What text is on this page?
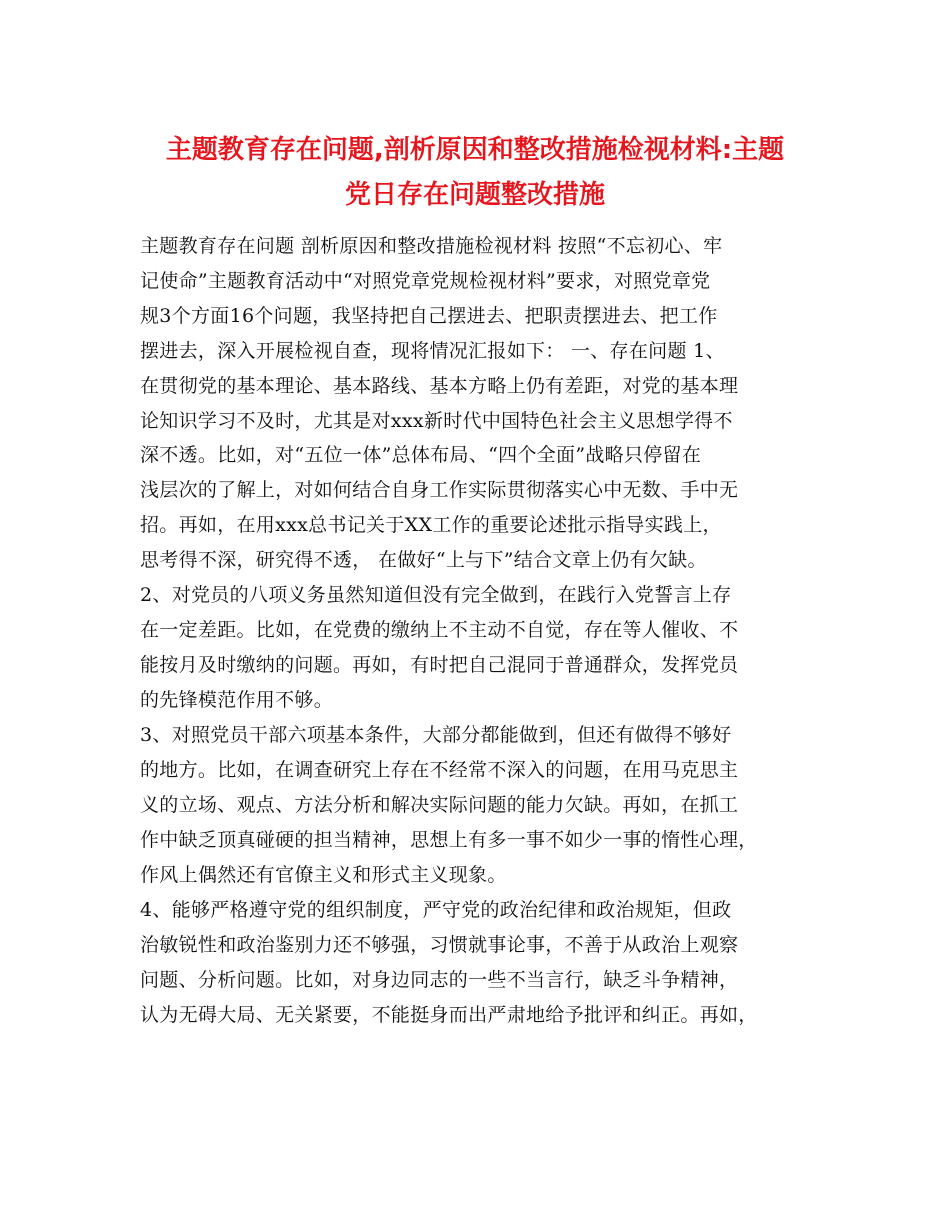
主题教育存在问题,剖析原因和整改措施检视材料:主题
党日存在问题整改措施

主题教育存在问题 剖析原因和整改措施检视材料 按照“不忘初心、牢

记使命”主题教育活动中“对照党章党规检视材料”要求，对照党章党

规3个方面16个问题，我坚持把自己摆进去、把职责摆进去、把工作

摆进去，深入开展检视自查，现将情况汇报如下： 一、存在问题 1、

在贯彻党的基本理论、基本路线、基本方略上仍有差距，对党的基本理

论知识学习不及时，尤其是对xxx新时代中国特色社会主义思想学得不

深不透。比如，对“五位一体”总体布局、“四个全面”战略只停留在

浅层次的了解上，对如何结合自身工作实际贯彻落实心中无数、手中无

招。再如，在用xxx总书记关于XX工作的重要论述批示指导实践上，

思考得不深，研究得不透， 在做好“上与下”结合文章上仍有欠缺。

2、对党员的八项义务虽然知道但没有完全做到，在践行入党誓言上存

在一定差距。比如，在党费的缴纳上不主动不自觉，存在等人催收、不

能按月及时缴纳的问题。再如，有时把自己混同于普通群众，发挥党员

的先锋模范作用不够。

3、对照党员干部六项基本条件，大部分都能做到，但还有做得不够好

的地方。比如，在调查研究上存在不经常不深入的问题，在用马克思主

义的立场、观点、方法分析和解决实际问题的能力欠缺。再如，在抓工

作中缺乏顶真碰硬的担当精神，思想上有多一事不如少一事的惰性心理，

作风上偶然还有官僚主义和形式主义现象。

4、能够严格遵守党的组织制度，严守党的政治纪律和政治规矩，但政

治敏锐性和政治鉴别力还不够强，习惯就事论事，不善于从政治上观察

问题、分析问题。比如，对身边同志的一些不当言行，缺乏斗争精神，

认为无碍大局、无关紧要，不能挺身而出严肃地给予批评和纠正。再如，
